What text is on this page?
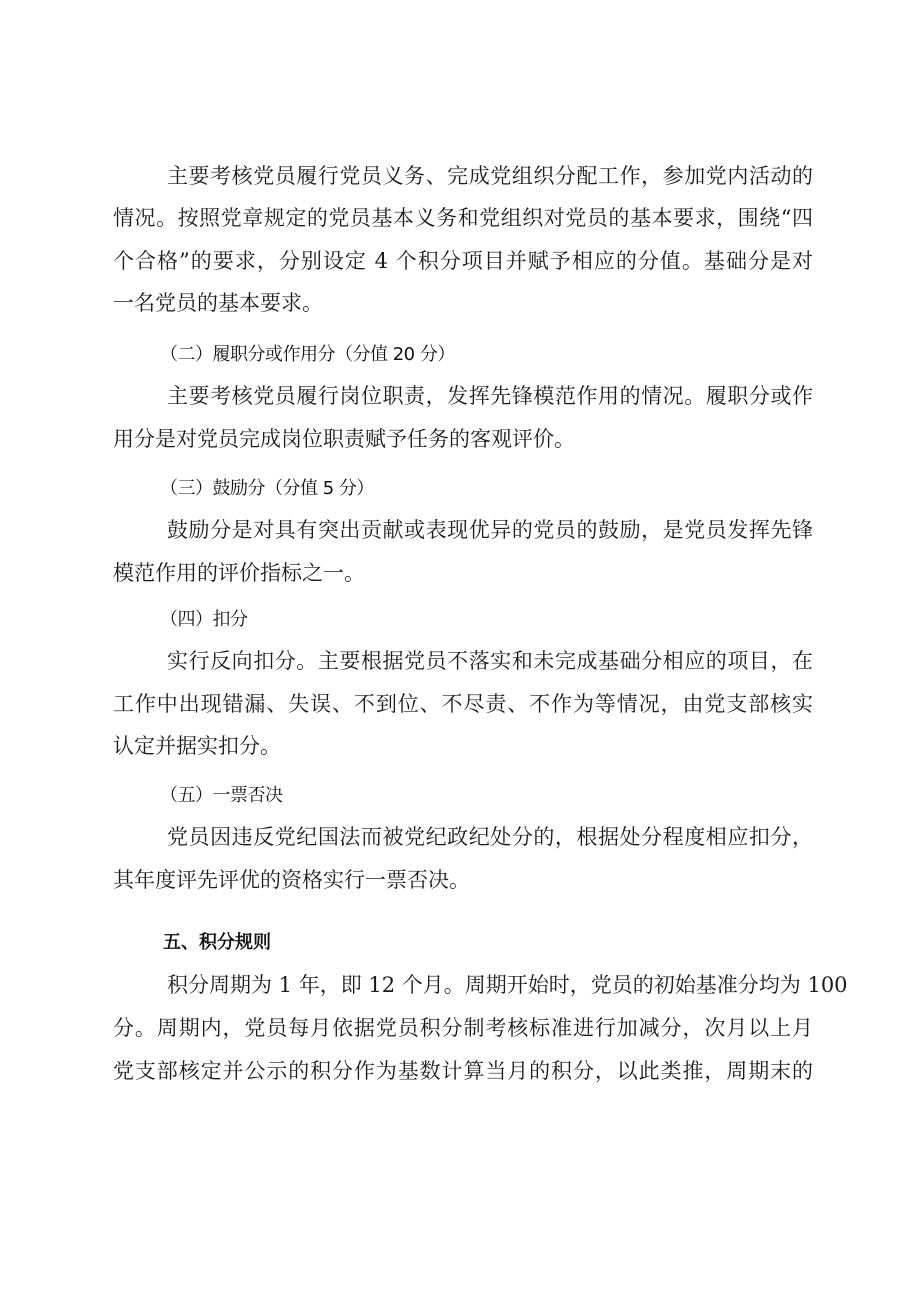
主要考核党员履行党员义务、完成党组织分配工作，参加党内活动的
情况。按照党章规定的党员基本义务和党组织对党员的基本要求，围绕“四
个合格”的要求，分别设定 4 个积分项目并赋予相应的分值。基础分是对
一名党员的基本要求。
（二）履职分或作用分（分值 20 分）
主要考核党员履行岗位职责，发挥先锋模范作用的情况。履职分或作
用分是对党员完成岗位职责赋予任务的客观评价。
（三）鼓励分（分值 5 分）
鼓励分是对具有突出贡献或表现优异的党员的鼓励，是党员发挥先锋
模范作用的评价指标之一。
（四）扣分
实行反向扣分。主要根据党员不落实和未完成基础分相应的项目，在
工作中出现错漏、失误、不到位、不尽责、不作为等情况，由党支部核实
认定并据实扣分。
（五）一票否决
党员因违反党纪国法而被党纪政纪处分的，根据处分程度相应扣分，
其年度评先评优的资格实行一票否决。
五、积分规则
积分周期为 1 年，即 12 个月。周期开始时，党员的初始基准分均为 100
分。周期内，党员每月依据党员积分制考核标准进行加减分，次月以上月
党支部核定并公示的积分作为基数计算当月的积分，以此类推，周期末的
